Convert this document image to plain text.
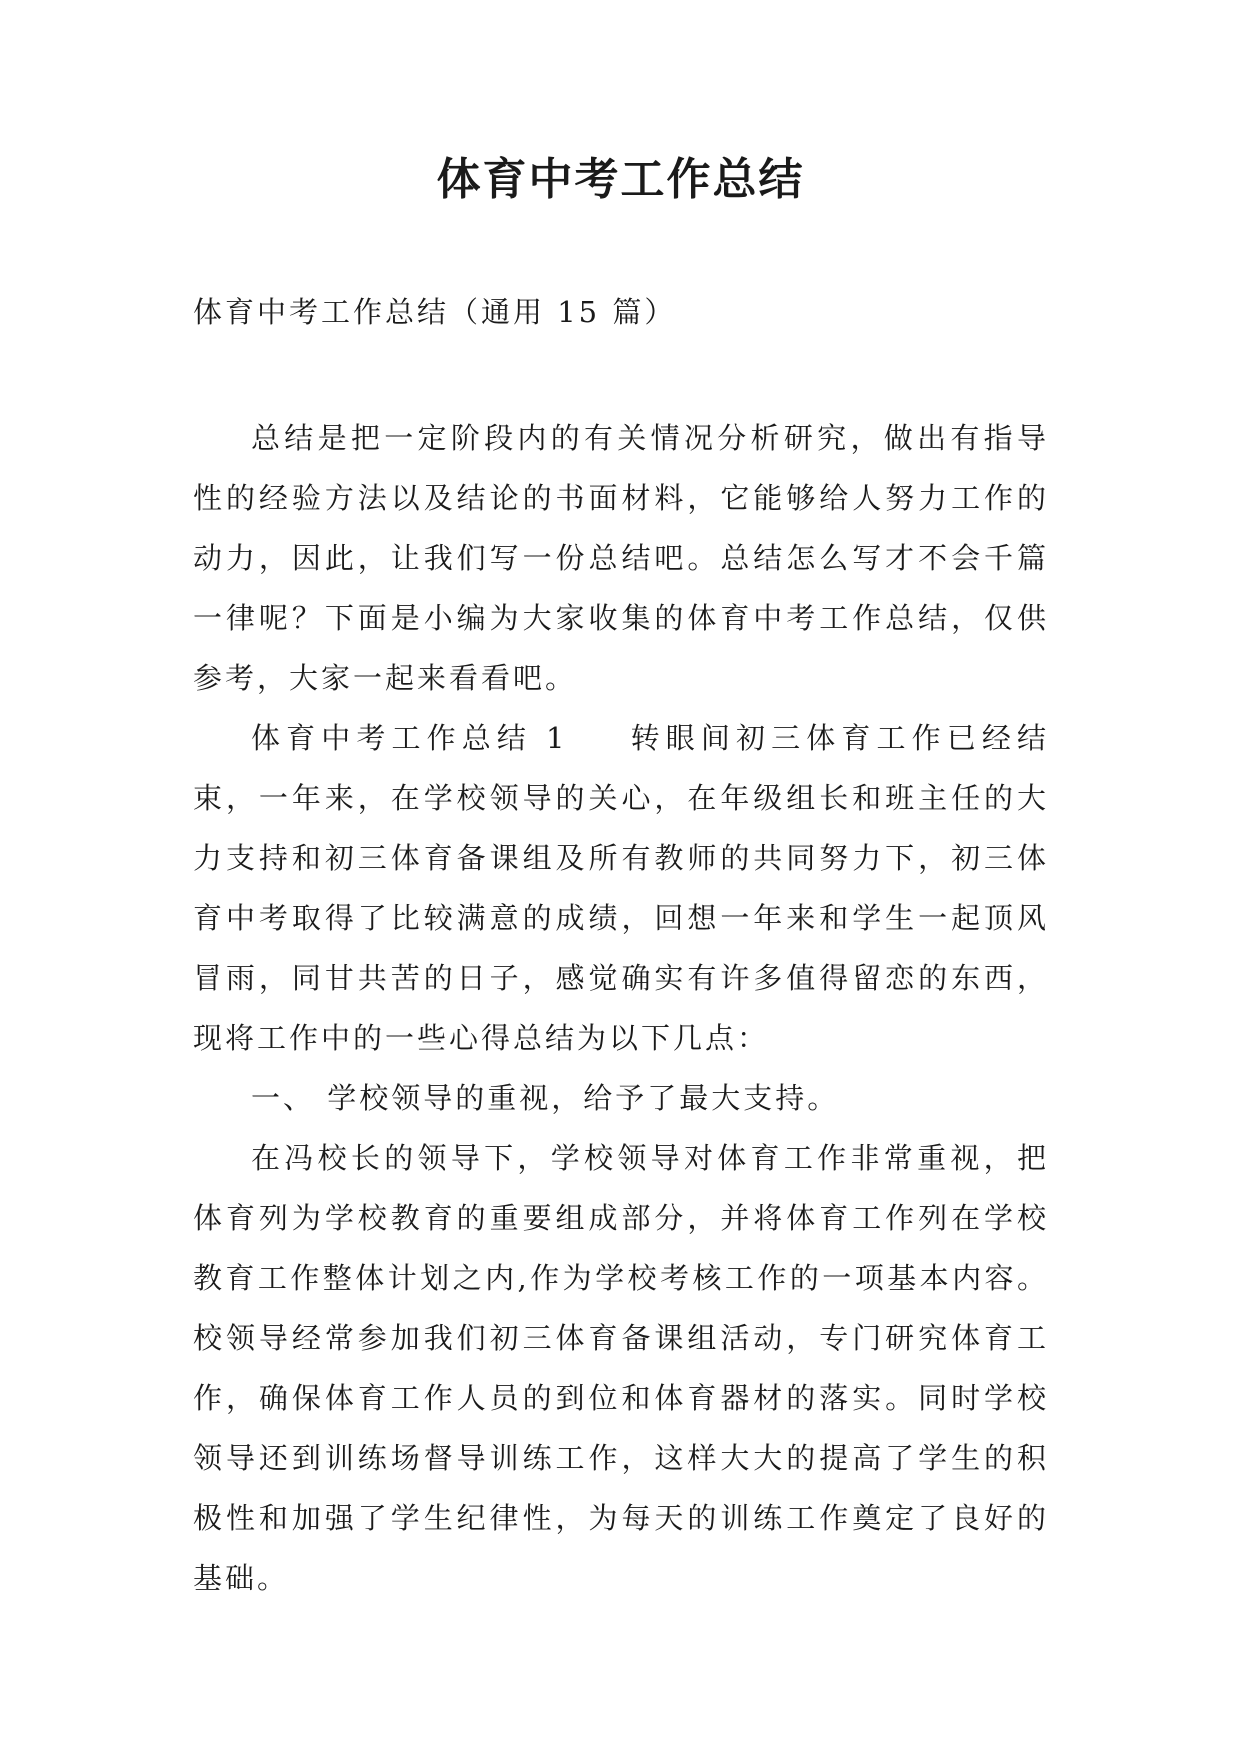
体育中考工作总结
体育中考工作总结（通用 15 篇）

总结是把一定阶段内的有关情况分析研究，做出有指导性的经验方法以及结论的书面材料，它能够给人努力工作的动力，因此，让我们写一份总结吧。总结怎么写才不会千篇一律呢？下面是小编为大家收集的体育中考工作总结，仅供参考，大家一起来看看吧。

体育中考工作总结 1 转眼间初三体育工作已经结束，一年来，在学校领导的关心，在年级组长和班主任的大力支持和初三体育备课组及所有教师的共同努力下，初三体育中考取得了比较满意的成绩，回想一年来和学生一起顶风冒雨，同甘共苦的日子，感觉确实有许多值得留恋的东西，现将工作中的一些心得总结为以下几点：

一、 学校领导的重视，给予了最大支持。

在冯校长的领导下，学校领导对体育工作非常重视，把体育列为学校教育的重要组成部分，并将体育工作列在学校教育工作整体计划之内,作为学校考核工作的一项基本内容。校领导经常参加我们初三体育备课组活动，专门研究体育工作，确保体育工作人员的到位和体育器材的落实。同时学校领导还到训练场督导训练工作，这样大大的提高了学生的积极性和加强了学生纪律性，为每天的训练工作奠定了良好的基础。
